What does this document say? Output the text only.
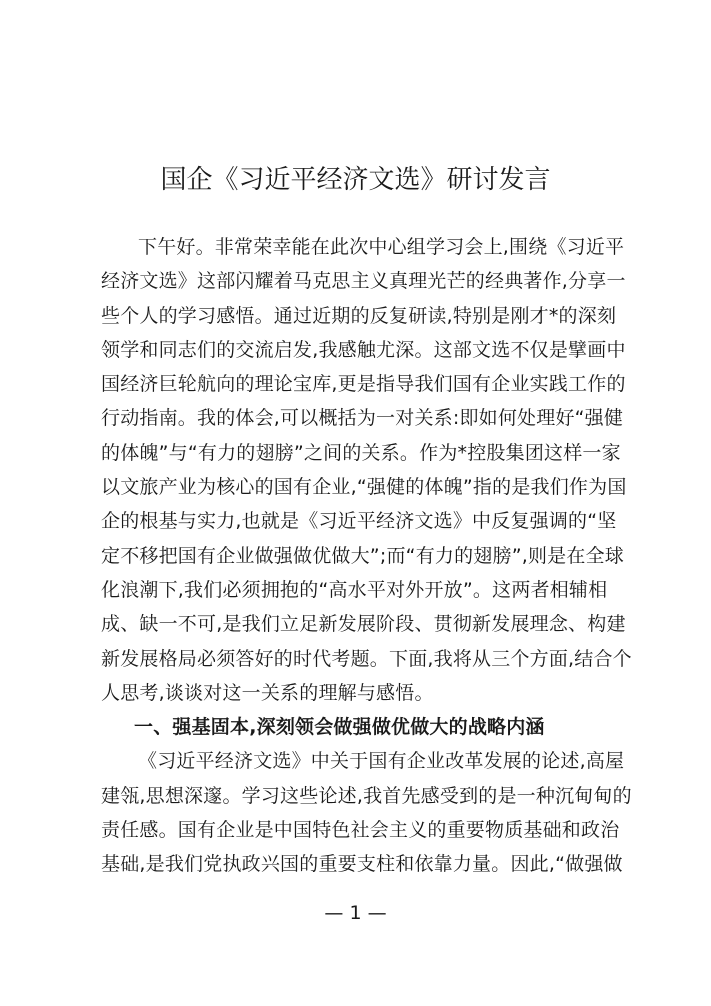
国企《习近平经济文选》研讨发言
下午好。非常荣幸能在此次中心组学习会上,围绕《习近平
经济文选》这部闪耀着马克思主义真理光芒的经典著作,分享一
些个人的学习感悟。通过近期的反复研读,特别是刚才*的深刻
领学和同志们的交流启发,我感触尤深。这部文选不仅是擘画中
国经济巨轮航向的理论宝库,更是指导我们国有企业实践工作的
行动指南。我的体会,可以概括为一对关系:即如何处理好“强健
的体魄”与“有力的翅膀”之间的关系。作为*控股集团这样一家
以文旅产业为核心的国有企业,“强健的体魄”指的是我们作为国
企的根基与实力,也就是《习近平经济文选》中反复强调的“坚
定不移把国有企业做强做优做大”;而“有力的翅膀”,则是在全球
化浪潮下,我们必须拥抱的“高水平对外开放”。这两者相辅相
成、缺一不可,是我们立足新发展阶段、贯彻新发展理念、构建
新发展格局必须答好的时代考题。下面,我将从三个方面,结合个
人思考,谈谈对这一关系的理解与感悟。
一、强基固本,深刻领会做强做优做大的战略内涵
《习近平经济文选》中关于国有企业改革发展的论述,高屋
建瓴,思想深邃。学习这些论述,我首先感受到的是一种沉甸甸的
责任感。国有企业是中国特色社会主义的重要物质基础和政治
基础,是我们党执政兴国的重要支柱和依靠力量。因此,“做强做
— 1 —
